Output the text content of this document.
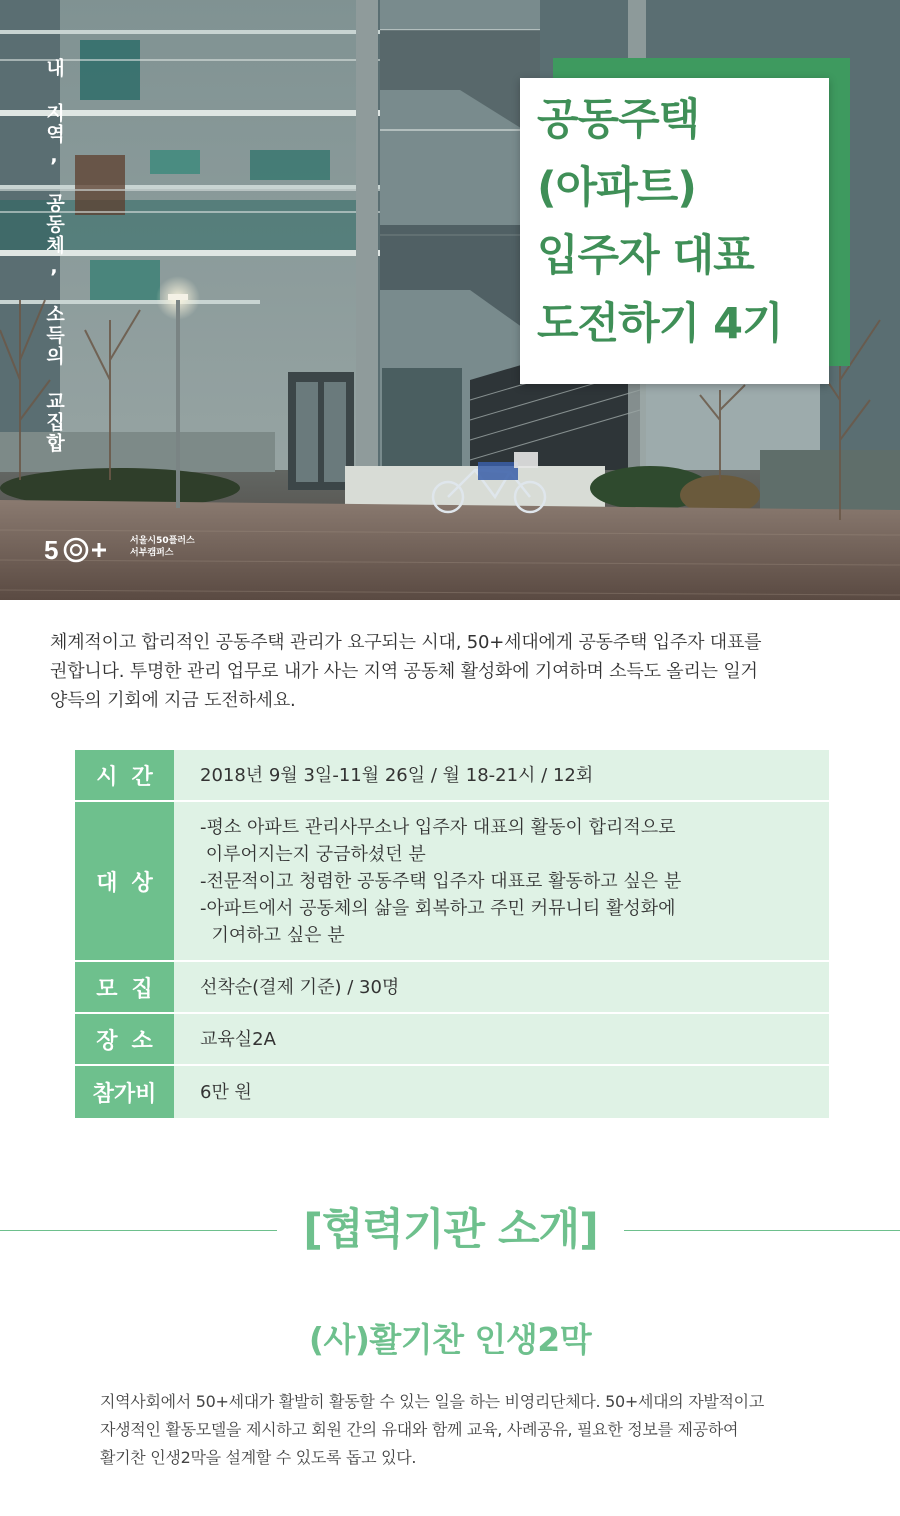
내 지역, 공동체, 소득의 교집합	공동주택
(아파트)
입주자 대표
도전하기 4기
5	서울시50플러스
서부캠퍼스
체계적이고 합리적인 공동주택 관리가 요구되는 시대, 50+세대에게 공동주택 입주자 대표를
권합니다. 투명한 관리 업무로 내가 사는 지역 공동체 활성화에 기여하며 소득도 올리는 일거
양득의 기회에 지금 도전하세요.
시간	2018년 9월 3일-11월 26일 / 월 18-21시 / 12회
대상
-평소 아파트 관리사무소나 입주자 대표의 활동이 합리적으로
이루어지는지 궁금하셨던 분
-전문적이고 청렴한 공동주택 입주자 대표로 활동하고 싶은 분
-아파트에서 공동체의 삶을 회복하고 주민 커뮤니티 활성화에
기여하고 싶은 분
모집	선착순(결제 기준) / 30명
장소	교육실2A
참가비	6만 원
[협력기관 소개]
(사)활기찬 인생2막
지역사회에서 50+세대가 활발히 활동할 수 있는 일을 하는 비영리단체다. 50+세대의 자발적이고
자생적인 활동모델을 제시하고 회원 간의 유대와 함께 교육, 사례공유, 필요한 정보를 제공하여
활기찬 인생2막을 설계할 수 있도록 돕고 있다.
